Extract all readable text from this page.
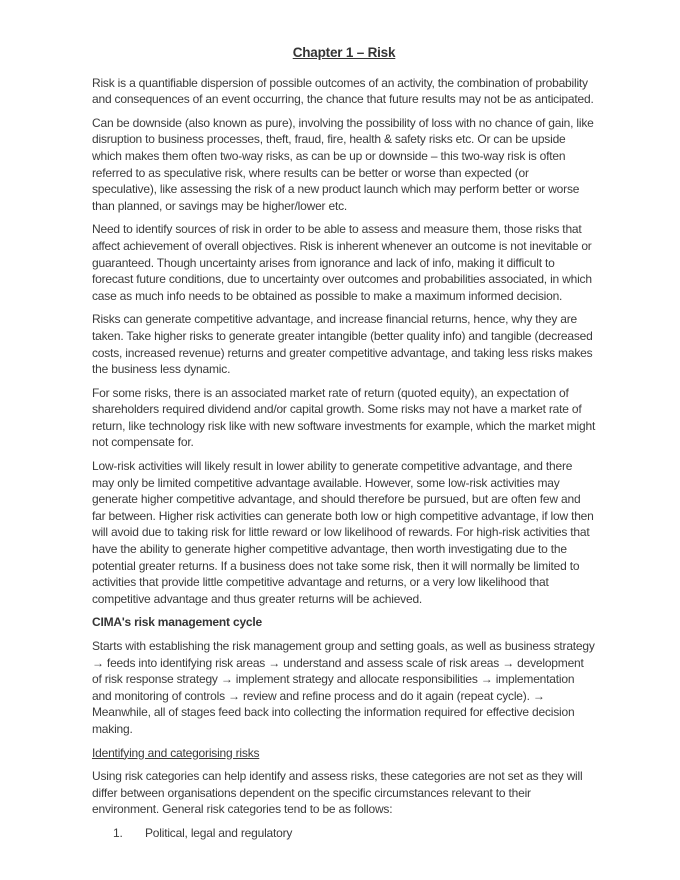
Chapter 1 – Risk

Risk is a quantifiable dispersion of possible outcomes of an activity, the combination of probability and consequences of an event occurring, the chance that future results may not be as anticipated.

Can be downside (also known as pure), involving the possibility of loss with no chance of gain, like disruption to business processes, theft, fraud, fire, health & safety risks etc. Or can be upside which makes them often two-way risks, as can be up or downside – this two-way risk is often referred to as speculative risk, where results can be better or worse than expected (or speculative), like assessing the risk of a new product launch which may perform better or worse than planned, or savings may be higher/lower etc.

Need to identify sources of risk in order to be able to assess and measure them, those risks that affect achievement of overall objectives. Risk is inherent whenever an outcome is not inevitable or guaranteed. Though uncertainty arises from ignorance and lack of info, making it difficult to forecast future conditions, due to uncertainty over outcomes and probabilities associated, in which case as much info needs to be obtained as possible to make a maximum informed decision.

Risks can generate competitive advantage, and increase financial returns, hence, why they are taken. Take higher risks to generate greater intangible (better quality info) and tangible (decreased costs, increased revenue) returns and greater competitive advantage, and taking less risks makes the business less dynamic.

For some risks, there is an associated market rate of return (quoted equity), an expectation of shareholders required dividend and/or capital growth. Some risks may not have a market rate of return, like technology risk like with new software investments for example, which the market might not compensate for.

Low-risk activities will likely result in lower ability to generate competitive advantage, and there may only be limited competitive advantage available. However, some low-risk activities may generate higher competitive advantage, and should therefore be pursued, but are often few and far between. Higher risk activities can generate both low or high competitive advantage, if low then will avoid due to taking risk for little reward or low likelihood of rewards. For high-risk activities that have the ability to generate higher competitive advantage, then worth investigating due to the potential greater returns. If a business does not take some risk, then it will normally be limited to activities that provide little competitive advantage and returns, or a very low likelihood that competitive advantage and thus greater returns will be achieved.

CIMA's risk management cycle

Starts with establishing the risk management group and setting goals, as well as business strategy → feeds into identifying risk areas → understand and assess scale of risk areas → development of risk response strategy → implement strategy and allocate responsibilities → implementation and monitoring of controls → review and refine process and do it again (repeat cycle). → Meanwhile, all of stages feed back into collecting the information required for effective decision making.

Identifying and categorising risks

Using risk categories can help identify and assess risks, these categories are not set as they will differ between organisations dependent on the specific circumstances relevant to their environment. General risk categories tend to be as follows:

1.	Political, legal and regulatory
